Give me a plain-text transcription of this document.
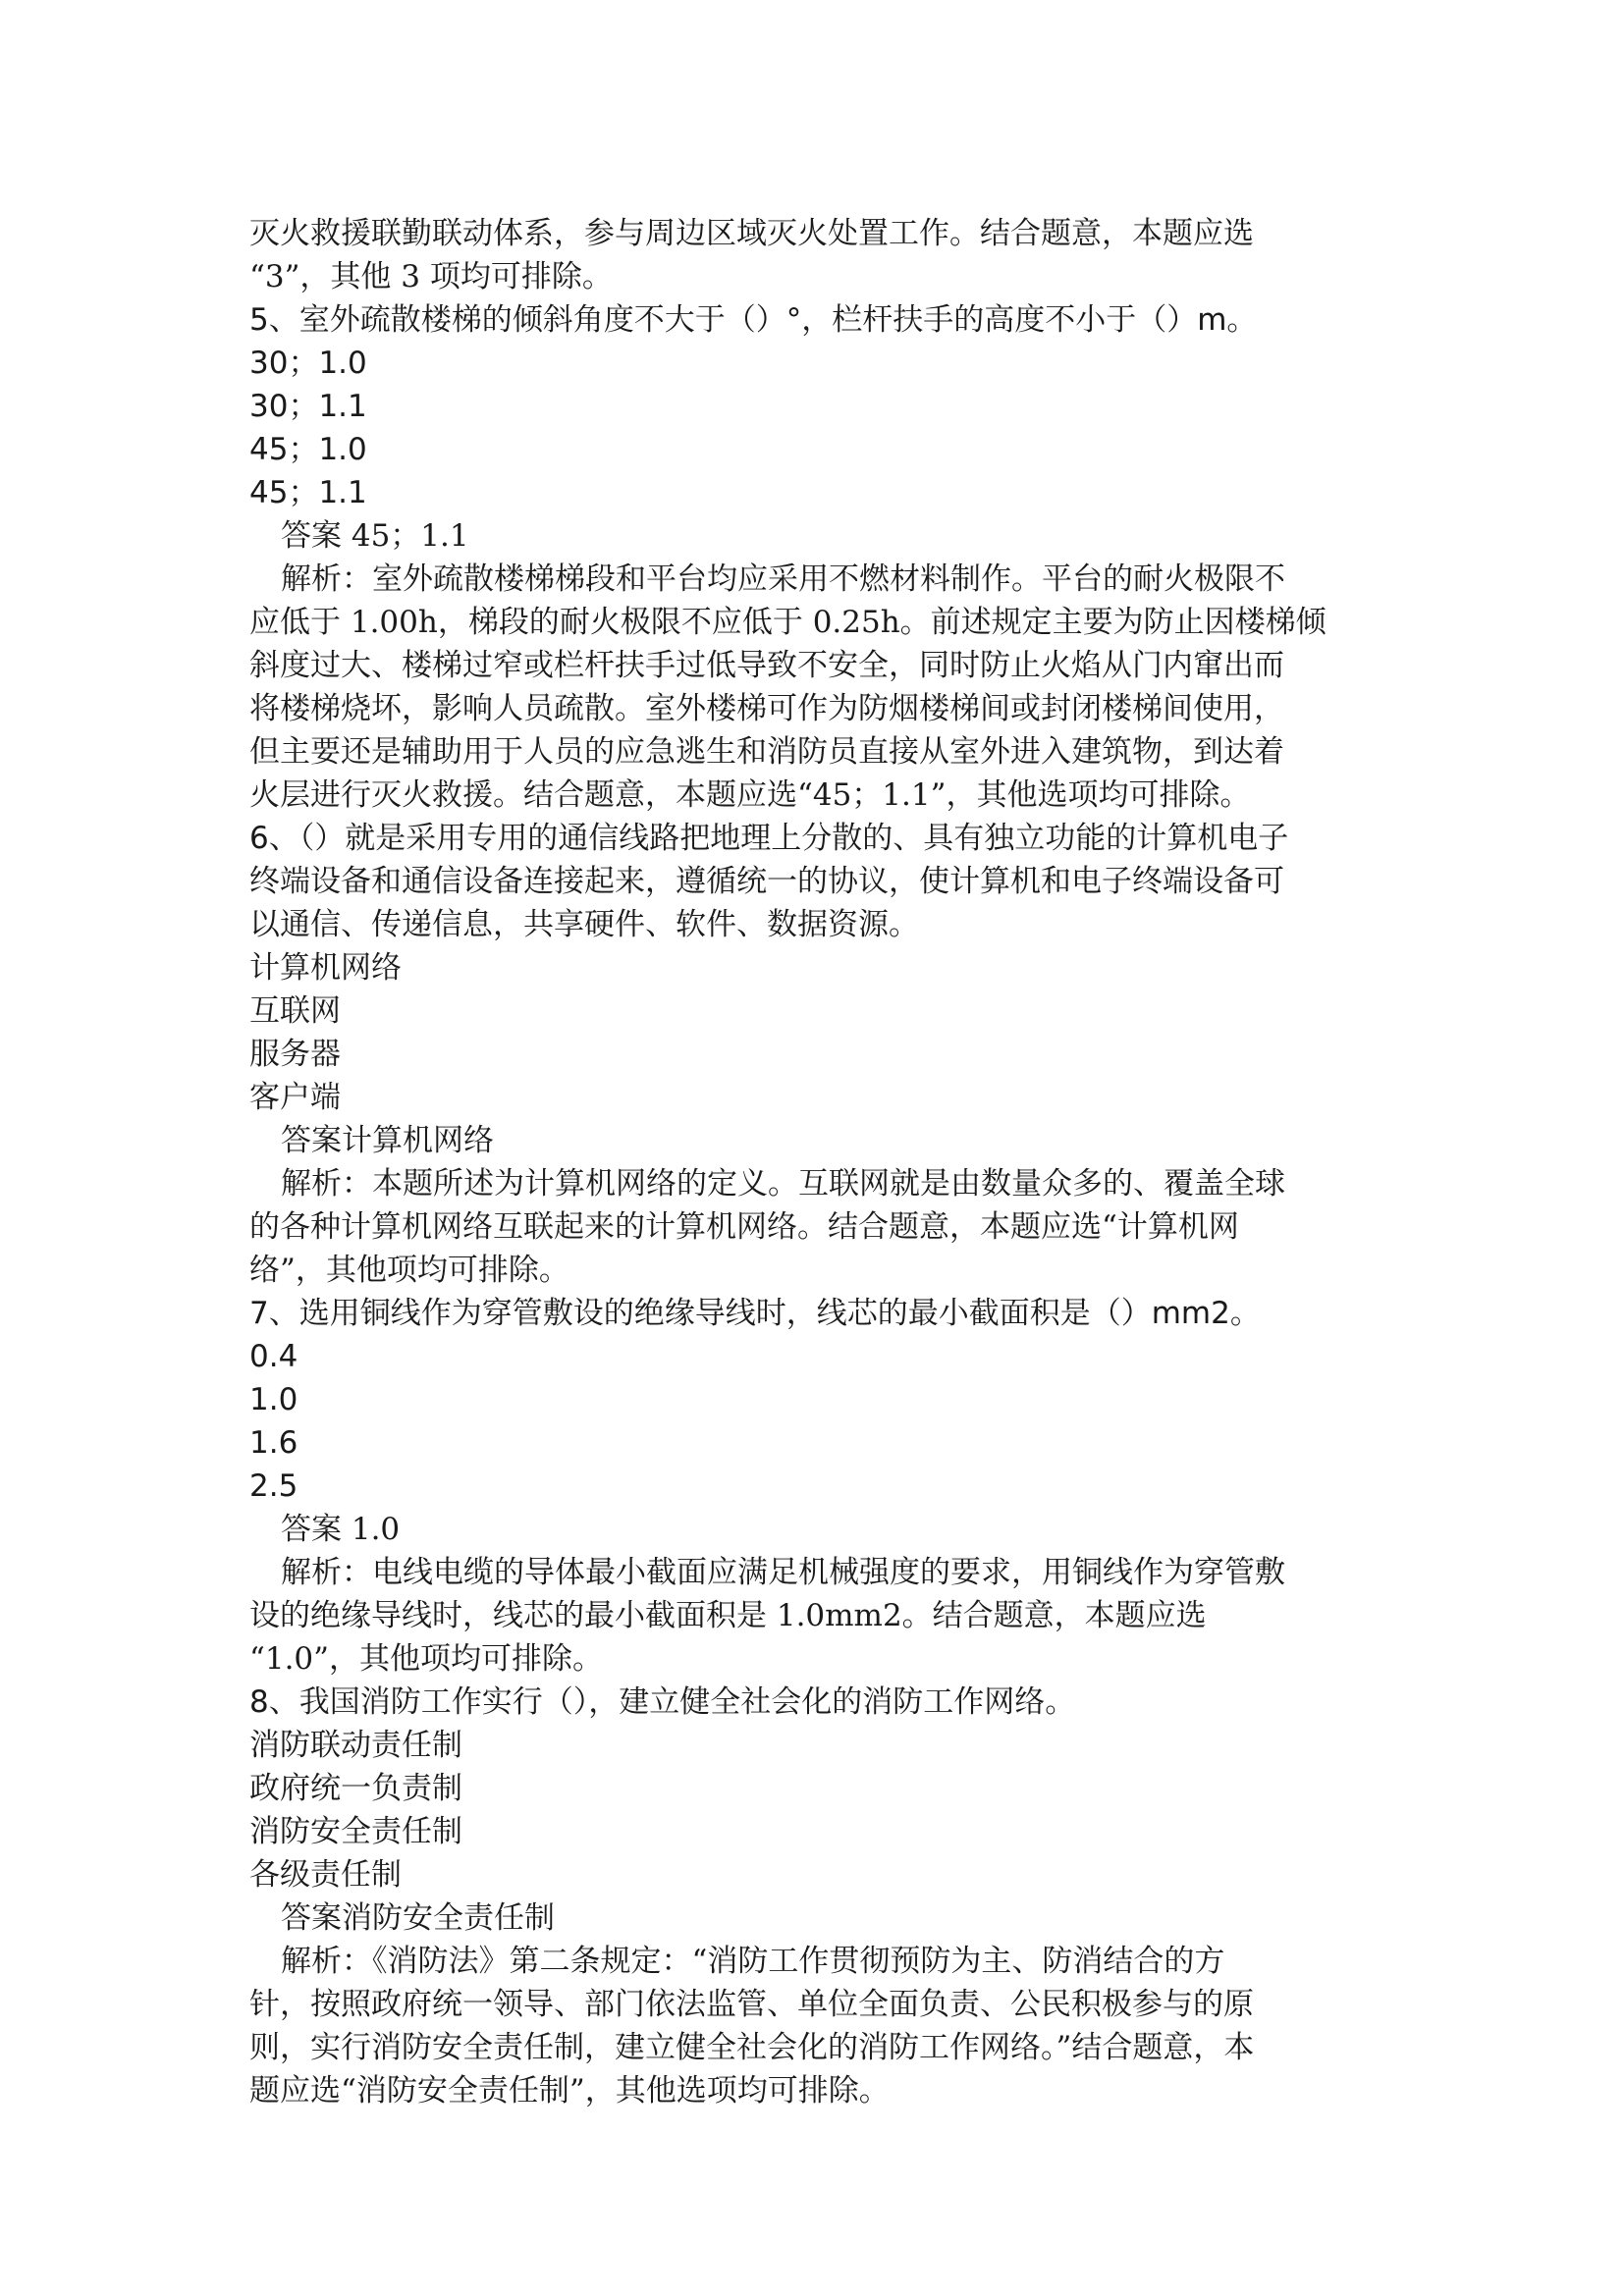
灭火救援联勤联动体系，参与周边区域灭火处置工作。结合题意，本题应选
“3”，其他 3 项均可排除。
5、室外疏散楼梯的倾斜角度不大于（）°，栏杆扶手的高度不小于（）m。
30；1.0
30；1.1
45；1.0
45；1.1
答案 45；1.1
解析：室外疏散楼梯梯段和平台均应采用不燃材料制作。平台的耐火极限不
应低于 1.00h，梯段的耐火极限不应低于 0.25h。前述规定主要为防止因楼梯倾
斜度过大、楼梯过窄或栏杆扶手过低导致不安全，同时防止火焰从门内窜出而
将楼梯烧坏，影响人员疏散。室外楼梯可作为防烟楼梯间或封闭楼梯间使用，
但主要还是辅助用于人员的应急逃生和消防员直接从室外进入建筑物，到达着
火层进行灭火救援。结合题意，本题应选“45；1.1”，其他选项均可排除。
6、（）就是采用专用的通信线路把地理上分散的、具有独立功能的计算机电子
终端设备和通信设备连接起来，遵循统一的协议，使计算机和电子终端设备可
以通信、传递信息，共享硬件、软件、数据资源。
计算机网络
互联网
服务器
客户端
答案计算机网络
解析：本题所述为计算机网络的定义。互联网就是由数量众多的、覆盖全球
的各种计算机网络互联起来的计算机网络。结合题意，本题应选“计算机网
络”，其他项均可排除。
7、选用铜线作为穿管敷设的绝缘导线时，线芯的最小截面积是（）mm2。
0.4
1.0
1.6
2.5
答案 1.0
解析：电线电缆的导体最小截面应满足机械强度的要求，用铜线作为穿管敷
设的绝缘导线时，线芯的最小截面积是 1.0mm2。结合题意，本题应选
“1.0”，其他项均可排除。
8、我国消防工作实行（），建立健全社会化的消防工作网络。
消防联动责任制
政府统一负责制
消防安全责任制
各级责任制
答案消防安全责任制
解析：《消防法》第二条规定：“消防工作贯彻预防为主、防消结合的方
针，按照政府统一领导、部门依法监管、单位全面负责、公民积极参与的原
则，实行消防安全责任制，建立健全社会化的消防工作网络。”结合题意，本
题应选“消防安全责任制”，其他选项均可排除。
